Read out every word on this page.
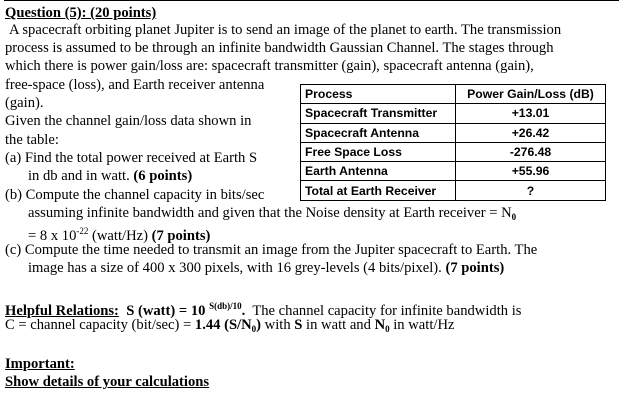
Question (5): (20 points)
A spacecraft orbiting planet Jupiter is to send an image of the planet to earth. The transmission
process is assumed to be through an infinite bandwidth Gaussian Channel. The stages through
which there is power gain/loss are: spacecraft transmitter (gain), spacecraft antenna (gain),
free-space (loss), and Earth receiver antenna
(gain).
Given the channel gain/loss data shown in
the table:
(a) Find the total power received at Earth S
in db and in watt. (6 points)
(b) Compute the channel capacity in bits/sec
assuming infinite bandwidth and given that the Noise density at Earth receiver = $N_0$
= 8 x $10^{-22}$ (watt/Hz) (7 points)
(c) Compute the time needed to transmit an image from the Jupiter spacecraft to Earth. The
image has a size of 400 x 300 pixels, with 16 grey-levels (4 bits/pixel). (7 points)
Helpful Relations: S (watt) = 10 $^{S(db)/10}$. The channel capacity for infinite bandwidth is
C = channel capacity (bit/sec) = 1.44 $(S/N_0)$ with S in watt and $N_0$ in watt/Hz
Important:
Show details of your calculations
Process	Power Gain/Loss (dB)
Spacecraft Transmitter	+13.01
Spacecraft Antenna	+26.42
Free Space Loss	-276.48
Earth Antenna	+55.96
Total at Earth Receiver	?
